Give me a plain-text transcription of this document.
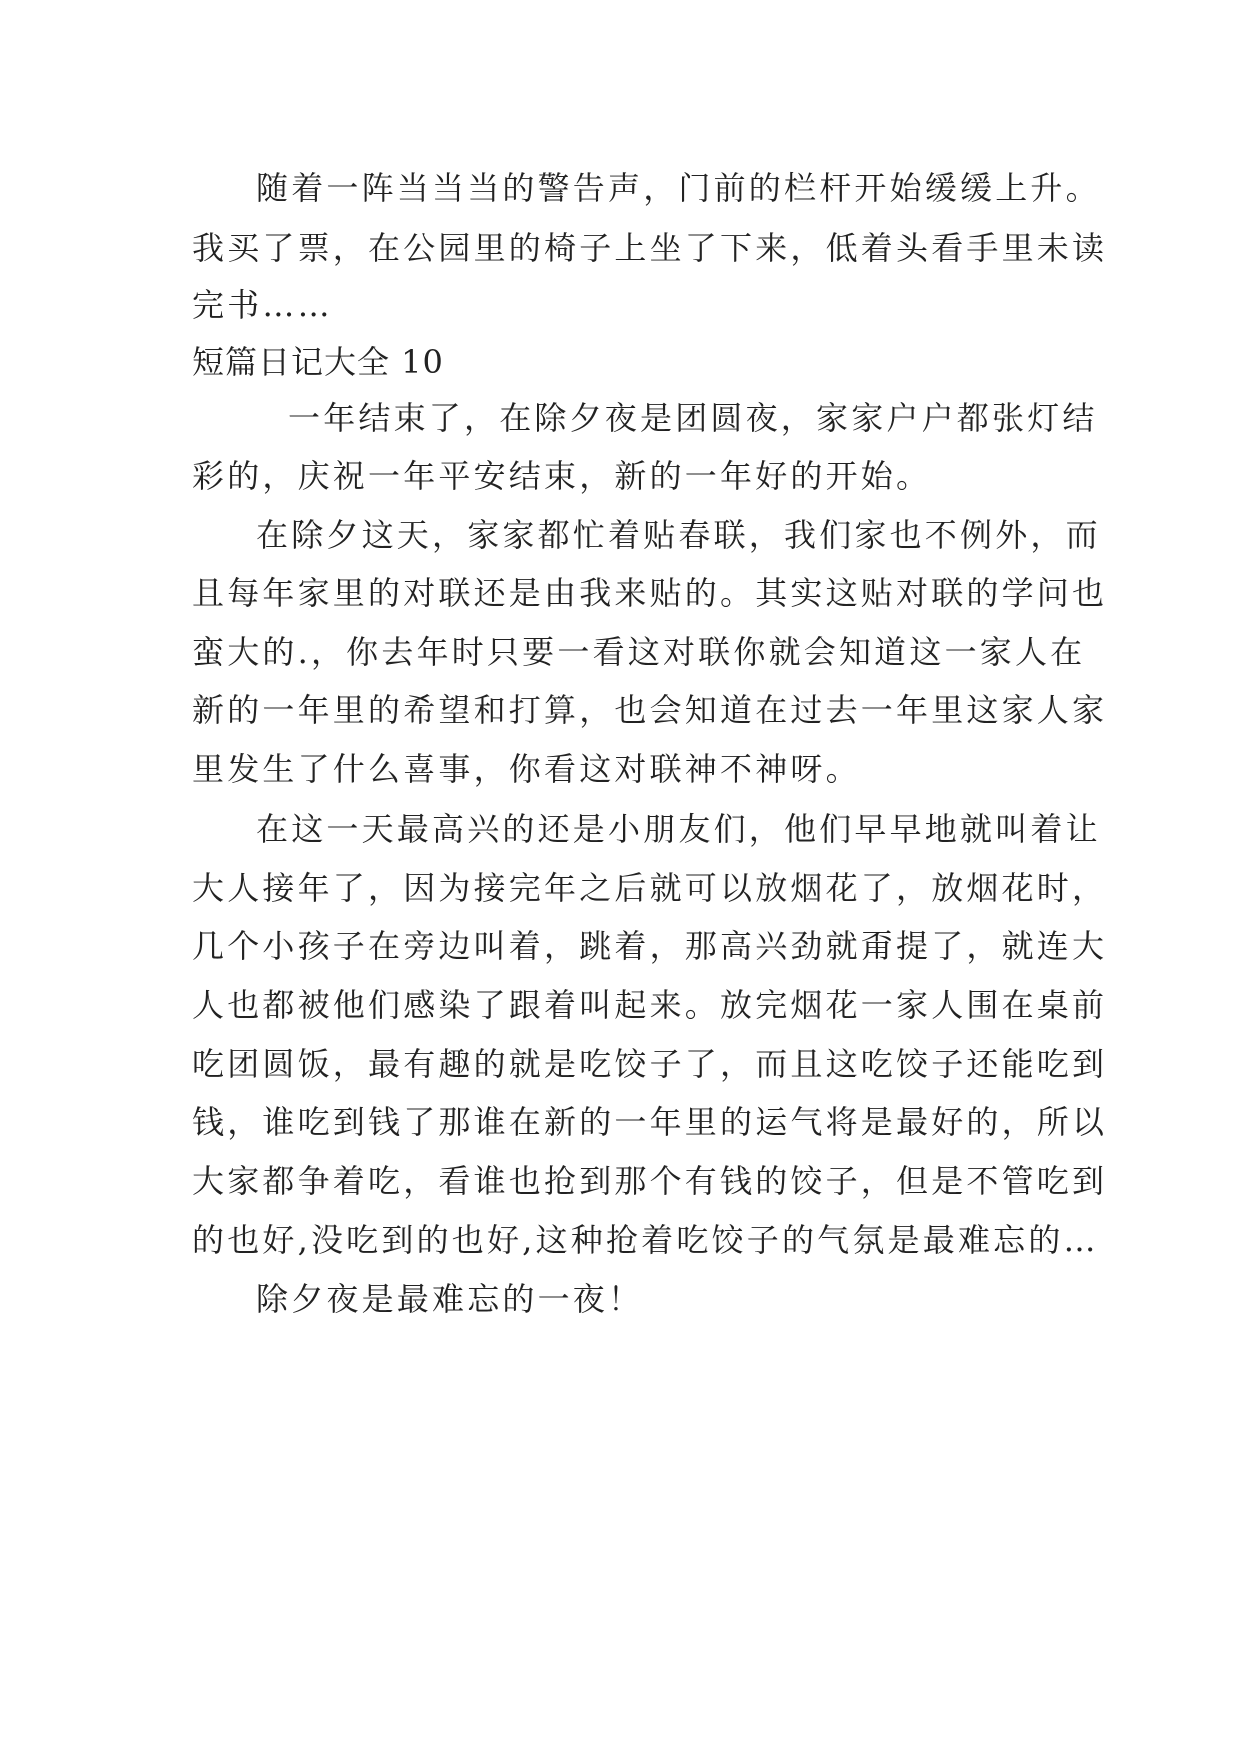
随着一阵当当当的警告声，门前的栏杆开始缓缓上升。
我买了票，在公园里的椅子上坐了下来，低着头看手里未读
完书……
短篇日记大全 10
一年结束了，在除夕夜是团圆夜，家家户户都张灯结
彩的，庆祝一年平安结束，新的一年好的开始。
在除夕这天，家家都忙着贴春联，我们家也不例外，而
且每年家里的对联还是由我来贴的。其实这贴对联的学问也
蛮大的.，你去年时只要一看这对联你就会知道这一家人在
新的一年里的希望和打算，也会知道在过去一年里这家人家
里发生了什么喜事，你看这对联神不神呀。
在这一天最高兴的还是小朋友们，他们早早地就叫着让
大人接年了，因为接完年之后就可以放烟花了，放烟花时，
几个小孩子在旁边叫着，跳着，那高兴劲就甭提了，就连大
人也都被他们感染了跟着叫起来。放完烟花一家人围在桌前
吃团圆饭，最有趣的就是吃饺子了，而且这吃饺子还能吃到
钱，谁吃到钱了那谁在新的一年里的运气将是最好的，所以
大家都争着吃，看谁也抢到那个有钱的饺子，但是不管吃到
的也好,没吃到的也好,这种抢着吃饺子的气氛是最难忘的…
除夕夜是最难忘的一夜！
